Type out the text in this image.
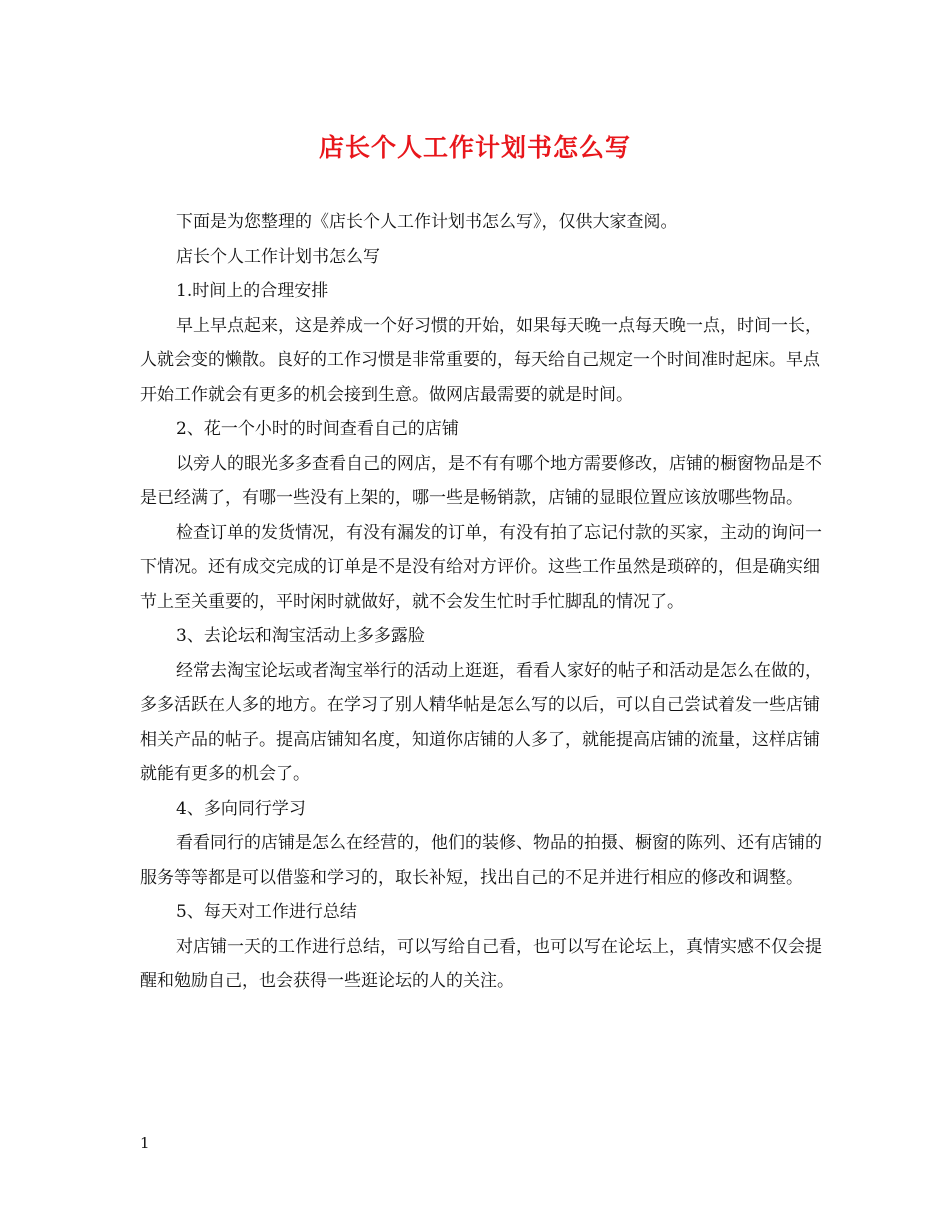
店长个人工作计划书怎么写

下面是为您整理的《店长个人工作计划书怎么写》，仅供大家查阅。

店长个人工作计划书怎么写

1.时间上的合理安排

早上早点起来，这是养成一个好习惯的开始，如果每天晚一点每天晚一点，时间一长，人就会变的懒散。良好的工作习惯是非常重要的，每天给自己规定一个时间准时起床。早点开始工作就会有更多的机会接到生意。做网店最需要的就是时间。

2、花一个小时的时间查看自己的店铺

以旁人的眼光多多查看自己的网店，是不有有哪个地方需要修改，店铺的橱窗物品是不是已经满了，有哪一些没有上架的，哪一些是畅销款，店铺的显眼位置应该放哪些物品。

检查订单的发货情况，有没有漏发的订单，有没有拍了忘记付款的买家，主动的询问一下情况。还有成交完成的订单是不是没有给对方评价。这些工作虽然是琐碎的，但是确实细节上至关重要的，平时闲时就做好，就不会发生忙时手忙脚乱的情况了。

3、去论坛和淘宝活动上多多露脸

经常去淘宝论坛或者淘宝举行的活动上逛逛，看看人家好的帖子和活动是怎么在做的，多多活跃在人多的地方。在学习了别人精华帖是怎么写的以后，可以自己尝试着发一些店铺相关产品的帖子。提高店铺知名度，知道你店铺的人多了，就能提高店铺的流量，这样店铺就能有更多的机会了。

4、多向同行学习

看看同行的店铺是怎么在经营的，他们的装修、物品的拍摄、橱窗的陈列、还有店铺的服务等等都是可以借鉴和学习的，取长补短，找出自己的不足并进行相应的修改和调整。

5、每天对工作进行总结

对店铺一天的工作进行总结，可以写给自己看，也可以写在论坛上，真情实感不仅会提醒和勉励自己，也会获得一些逛论坛的人的关注。

1
